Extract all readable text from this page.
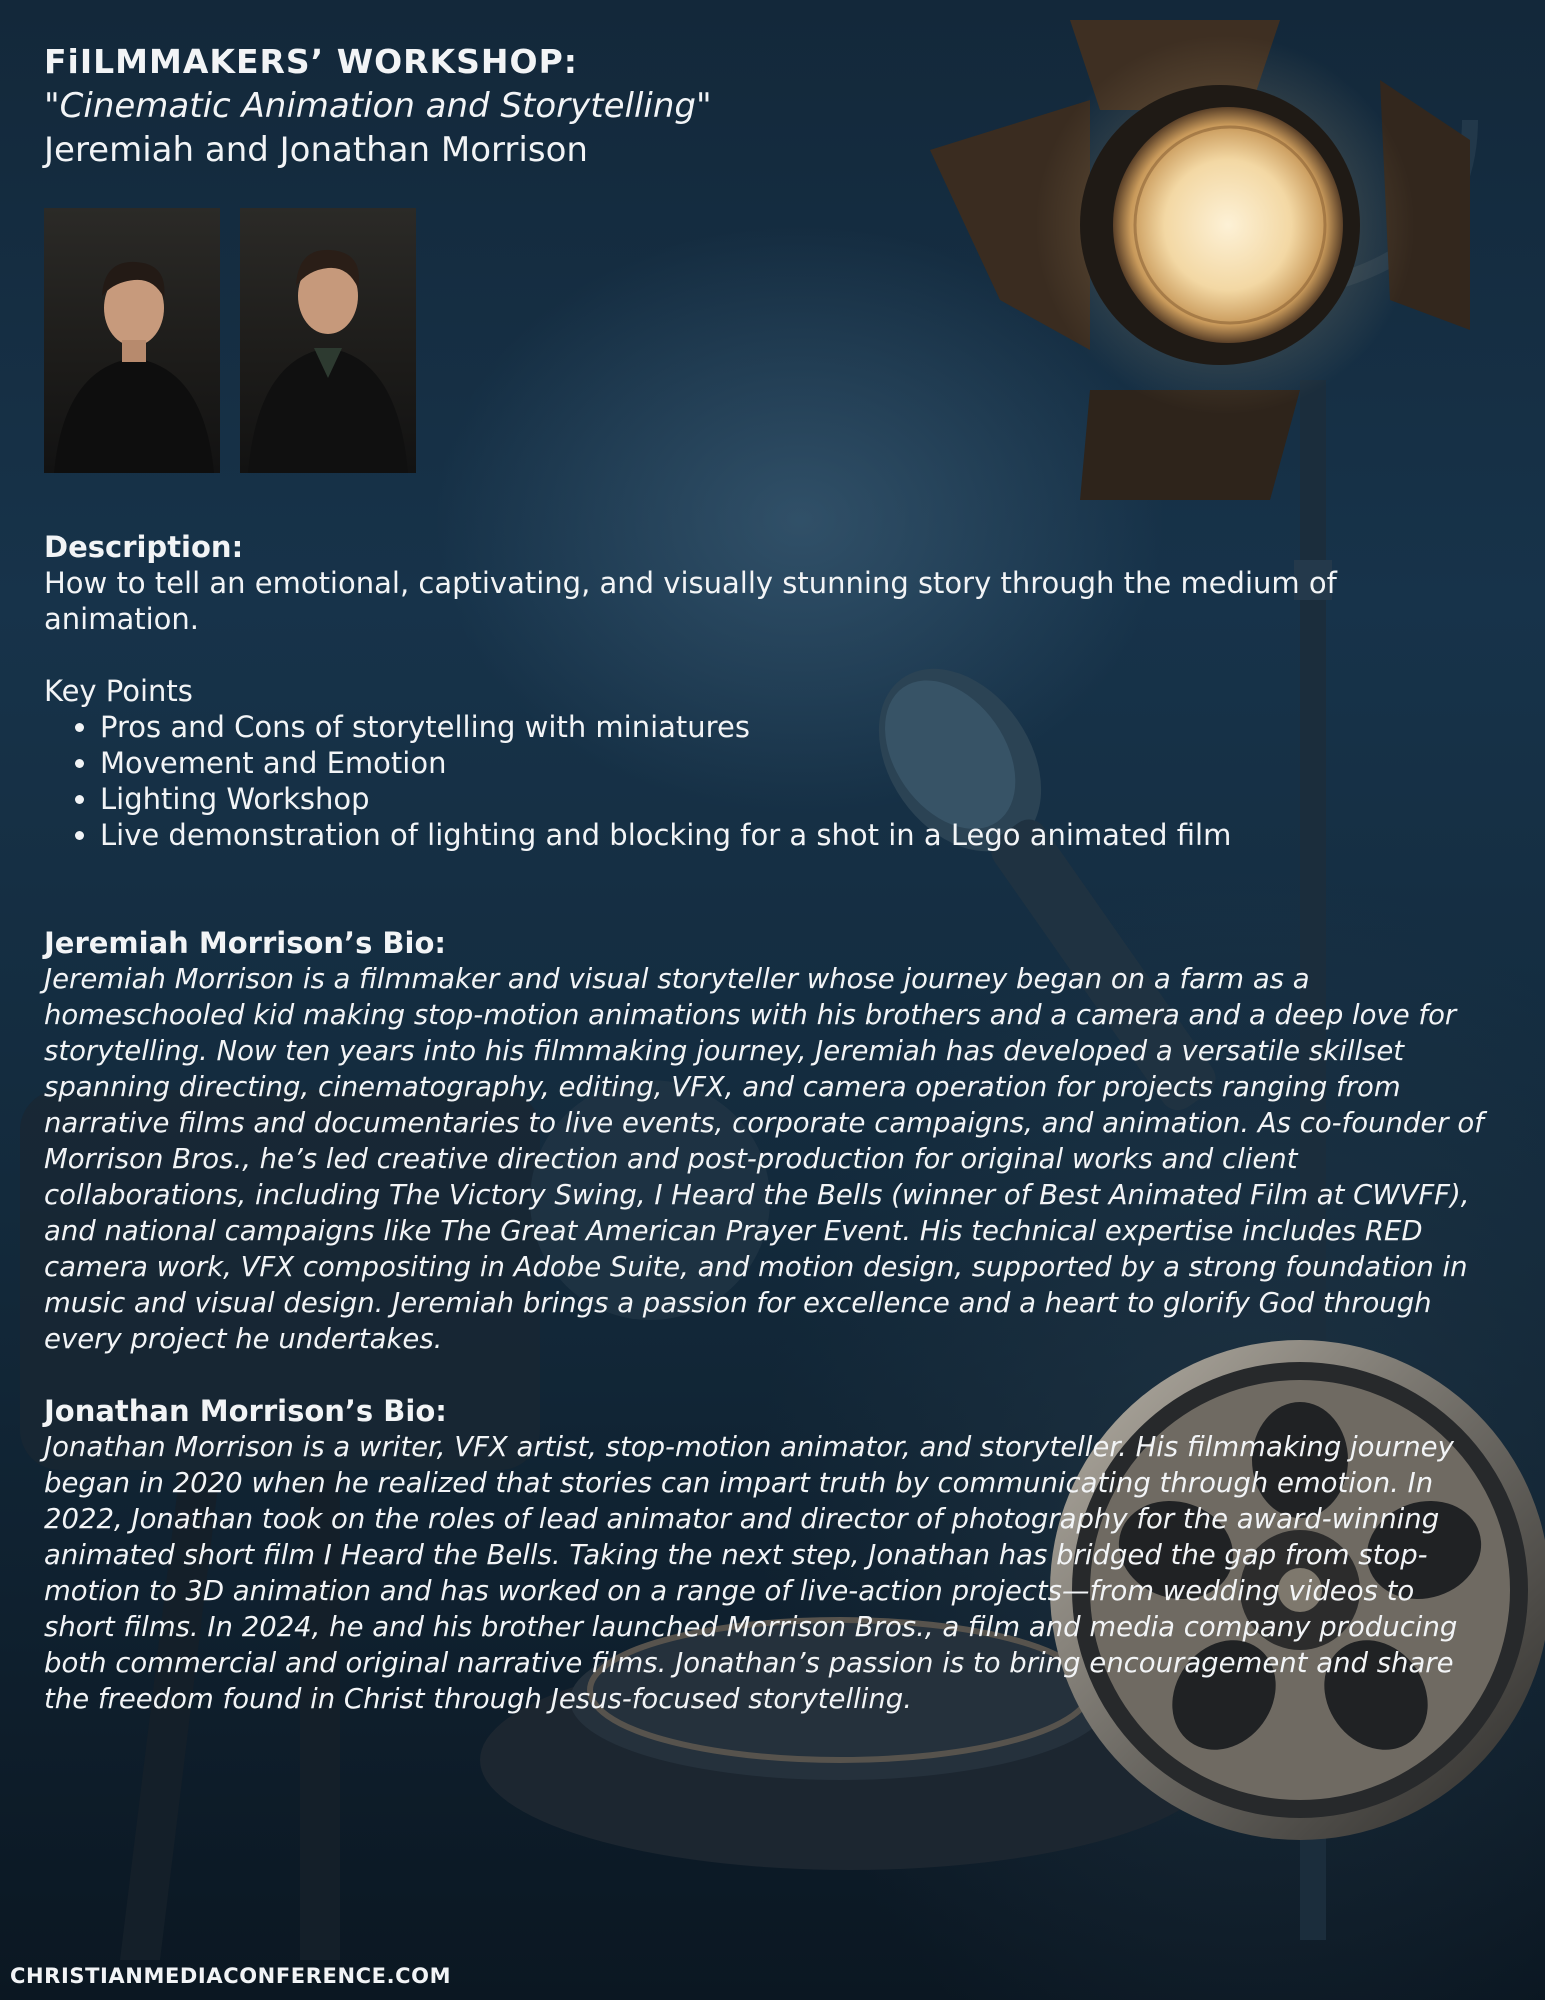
FiILMMAKERS’ WORKSHOP:

"Cinematic Animation and Storytelling"

Jeremiah and Jonathan Morrison

Description:

How to tell an emotional, captivating, and visually stunning story through the medium of animation.

Key Points

• Pros and Cons of storytelling with miniatures
• Movement and Emotion
• Lighting Workshop
• Live demonstration of lighting and blocking for a shot in a Lego animated film

Jeremiah Morrison’s Bio:

Jeremiah Morrison is a filmmaker and visual storyteller whose journey began on a farm as a homeschooled kid making stop-motion animations with his brothers and a camera and a deep love for storytelling. Now ten years into his filmmaking journey, Jeremiah has developed a versatile skillset spanning directing, cinematography, editing, VFX, and camera operation for projects ranging from narrative films and documentaries to live events, corporate campaigns, and animation. As co-founder of Morrison Bros., he’s led creative direction and post-production for original works and client collaborations, including The Victory Swing, I Heard the Bells (winner of Best Animated Film at CWVFF), and national campaigns like The Great American Prayer Event. His technical expertise includes RED camera work, VFX compositing in Adobe Suite, and motion design, supported by a strong foundation in music and visual design. Jeremiah brings a passion for excellence and a heart to glorify God through every project he undertakes.

Jonathan Morrison’s Bio:

Jonathan Morrison is a writer, VFX artist, stop-motion animator, and storyteller. His filmmaking journey began in 2020 when he realized that stories can impart truth by communicating through emotion. In 2022, Jonathan took on the roles of lead animator and director of photography for the award-winning animated short film I Heard the Bells. Taking the next step, Jonathan has bridged the gap from stop-motion to 3D animation and has worked on a range of live-action projects—from wedding videos to short films. In 2024, he and his brother launched Morrison Bros., a film and media company producing both commercial and original narrative films. Jonathan’s passion is to bring encouragement and share the freedom found in Christ through Jesus-focused storytelling.

CHRISTIANMEDIACONFERENCE.COM
